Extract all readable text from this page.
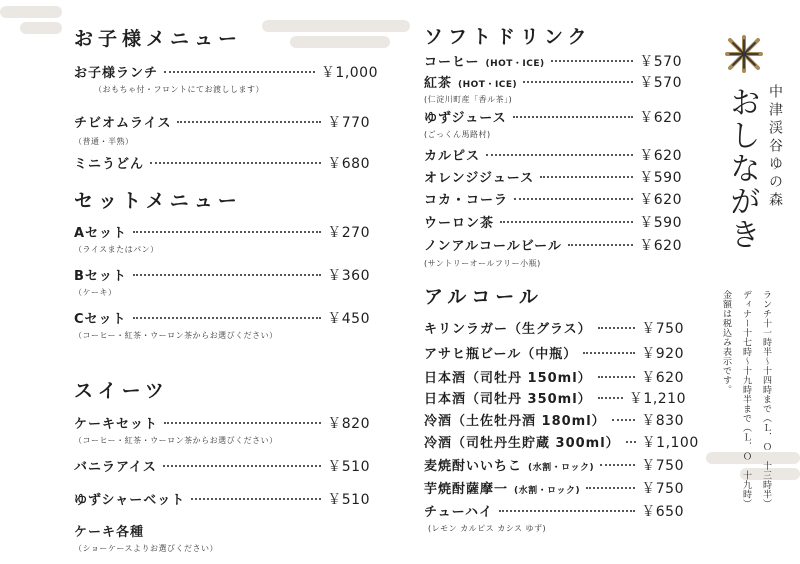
お子様メニュー
お子様ランチ	￥1,000
（おもちゃ付・フロントにてお渡しします）
チビオムライス	￥770
（普通・半熟）
ミニうどん	￥680
セットメニュー
Aセット	￥270
（ライスまたはパン）
Bセット	￥360
（ケーキ）
Cセット	￥450
（コーヒー・紅茶・ウーロン茶からお選びください）
スイーツ
ケーキセット	￥820
（コーヒー・紅茶・ウーロン茶からお選びください）
バニラアイス	￥510
ゆずシャーベット	￥510
ケーキ各種
（ショーケースよりお選びください）
ソフトドリンク
コーヒー (HOT・ICE)	￥570
紅茶 (HOT・ICE)	￥570
(仁淀川町産「香ル茶」)
ゆずジュース	￥620
(ごっくん馬路村)
カルピス	￥620
オレンジジュース	￥590
コカ・コーラ	￥620
ウーロン茶	￥590
ノンアルコールビール	￥620
(サントリーオールフリー小瓶)
アルコール
キリンラガー（生グラス）	￥750
アサヒ瓶ビール（中瓶）	￥920
日本酒（司牡丹 150ml）	￥620
日本酒（司牡丹 350ml）	￥1,210
冷酒（土佐牡丹酒 180ml）	￥830
冷酒（司牡丹生貯蔵 300ml） ￥1,100
麦焼酎いいちこ (水割・ロック)	￥750
芋焼酎薩摩一 (水割・ロック)	￥750
チューハイ	￥650
(レモン カルピス カシス ゆず)
中津渓谷ゆの森
おしながき
ランチ十一時半～十四時まで（Ｌ．Ｏ　十三時半）
ディナー十七時～十九時半まで（Ｌ．Ｏ　十九時）
金額は税込み表示です。
